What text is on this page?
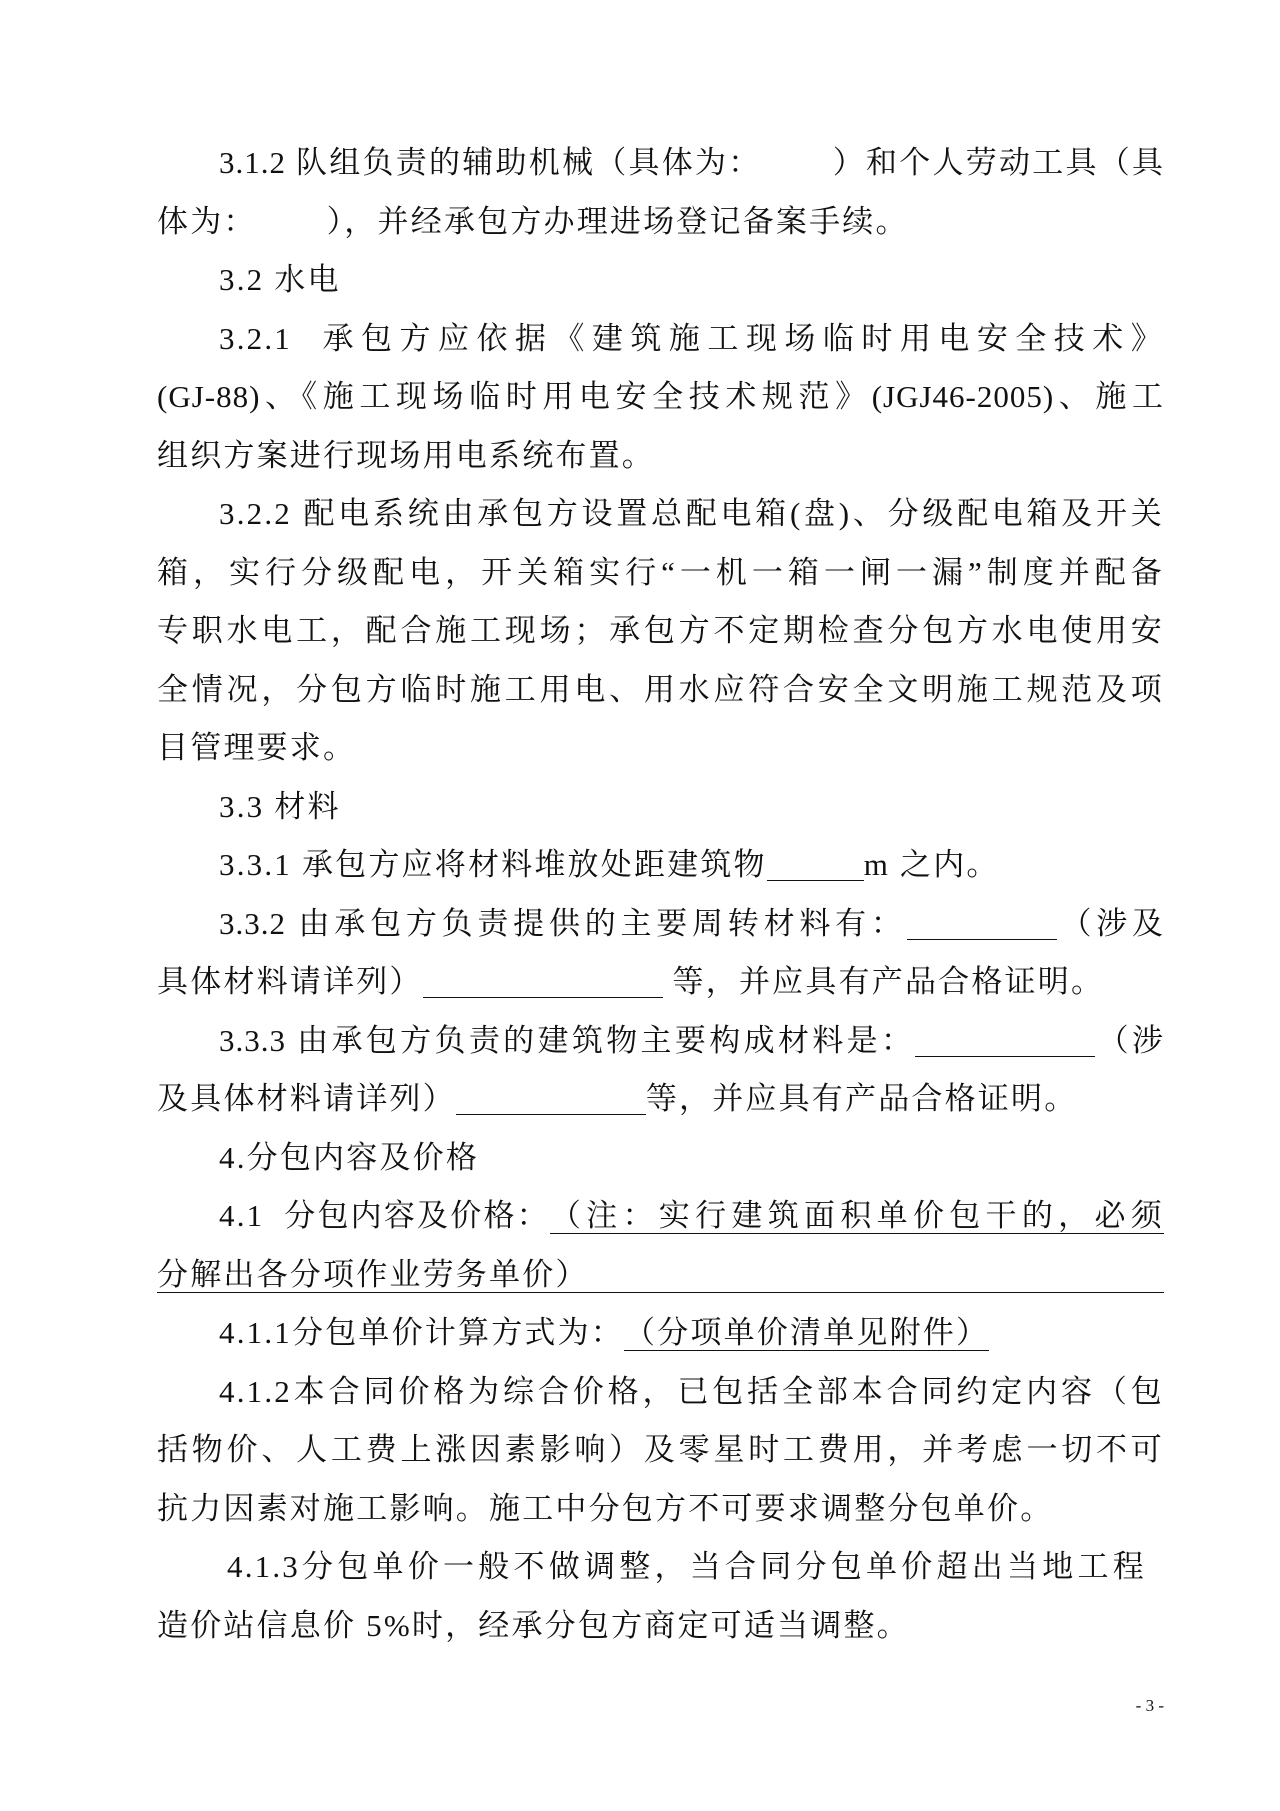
3.1.2 队组负责的辅助机械（具体为： ）和个人劳动工具（具
体为： ），并经承包方办理进场登记备案手续。
3.2 水电
3.2.1  承包方应依据《建筑施工现场临时用电安全技术》
(GJ-88)、《施工现场临时用电安全技术规范》(JGJ46-2005)、施工
组织方案进行现场用电系统布置。
3.2.2 配电系统由承包方设置总配电箱(盘)、分级配电箱及开关
箱，实行分级配电，开关箱实行“一机一箱一闸一漏”制度并配备
专职水电工，配合施工现场；承包方不定期检查分包方水电使用安
全情况，分包方临时施工用电、用水应符合安全文明施工规范及项
目管理要求。
3.3 材料
3.3.1 承包方应将材料堆放处距建筑物	m 之内。
3.3.2 由承包方负责提供的主要周转材料有：	（涉及
具体材料请详列）	等，并应具有产品合格证明。
3.3.3 由承包方负责的建筑物主要构成材料是：	（涉
及具体材料请详列）	等，并应具有产品合格证明。
4.分包内容及价格
4.1  分包内容及价格： （注：实行建筑面积单价包干的，必须
分解出各分项作业劳务单价）
4.1.1分包单价计算方式为：（分项单价清单见附件）
4.1.2本合同价格为综合价格，已包括全部本合同约定内容（包
括物价、人工费上涨因素影响）及零星时工费用，并考虑一切不可
抗力因素对施工影响。施工中分包方不可要求调整分包单价。
4.1.3分包单价一般不做调整，当合同分包单价超出当地工程
造价站信息价 5%时，经承分包方商定可适当调整。
- 3 -
